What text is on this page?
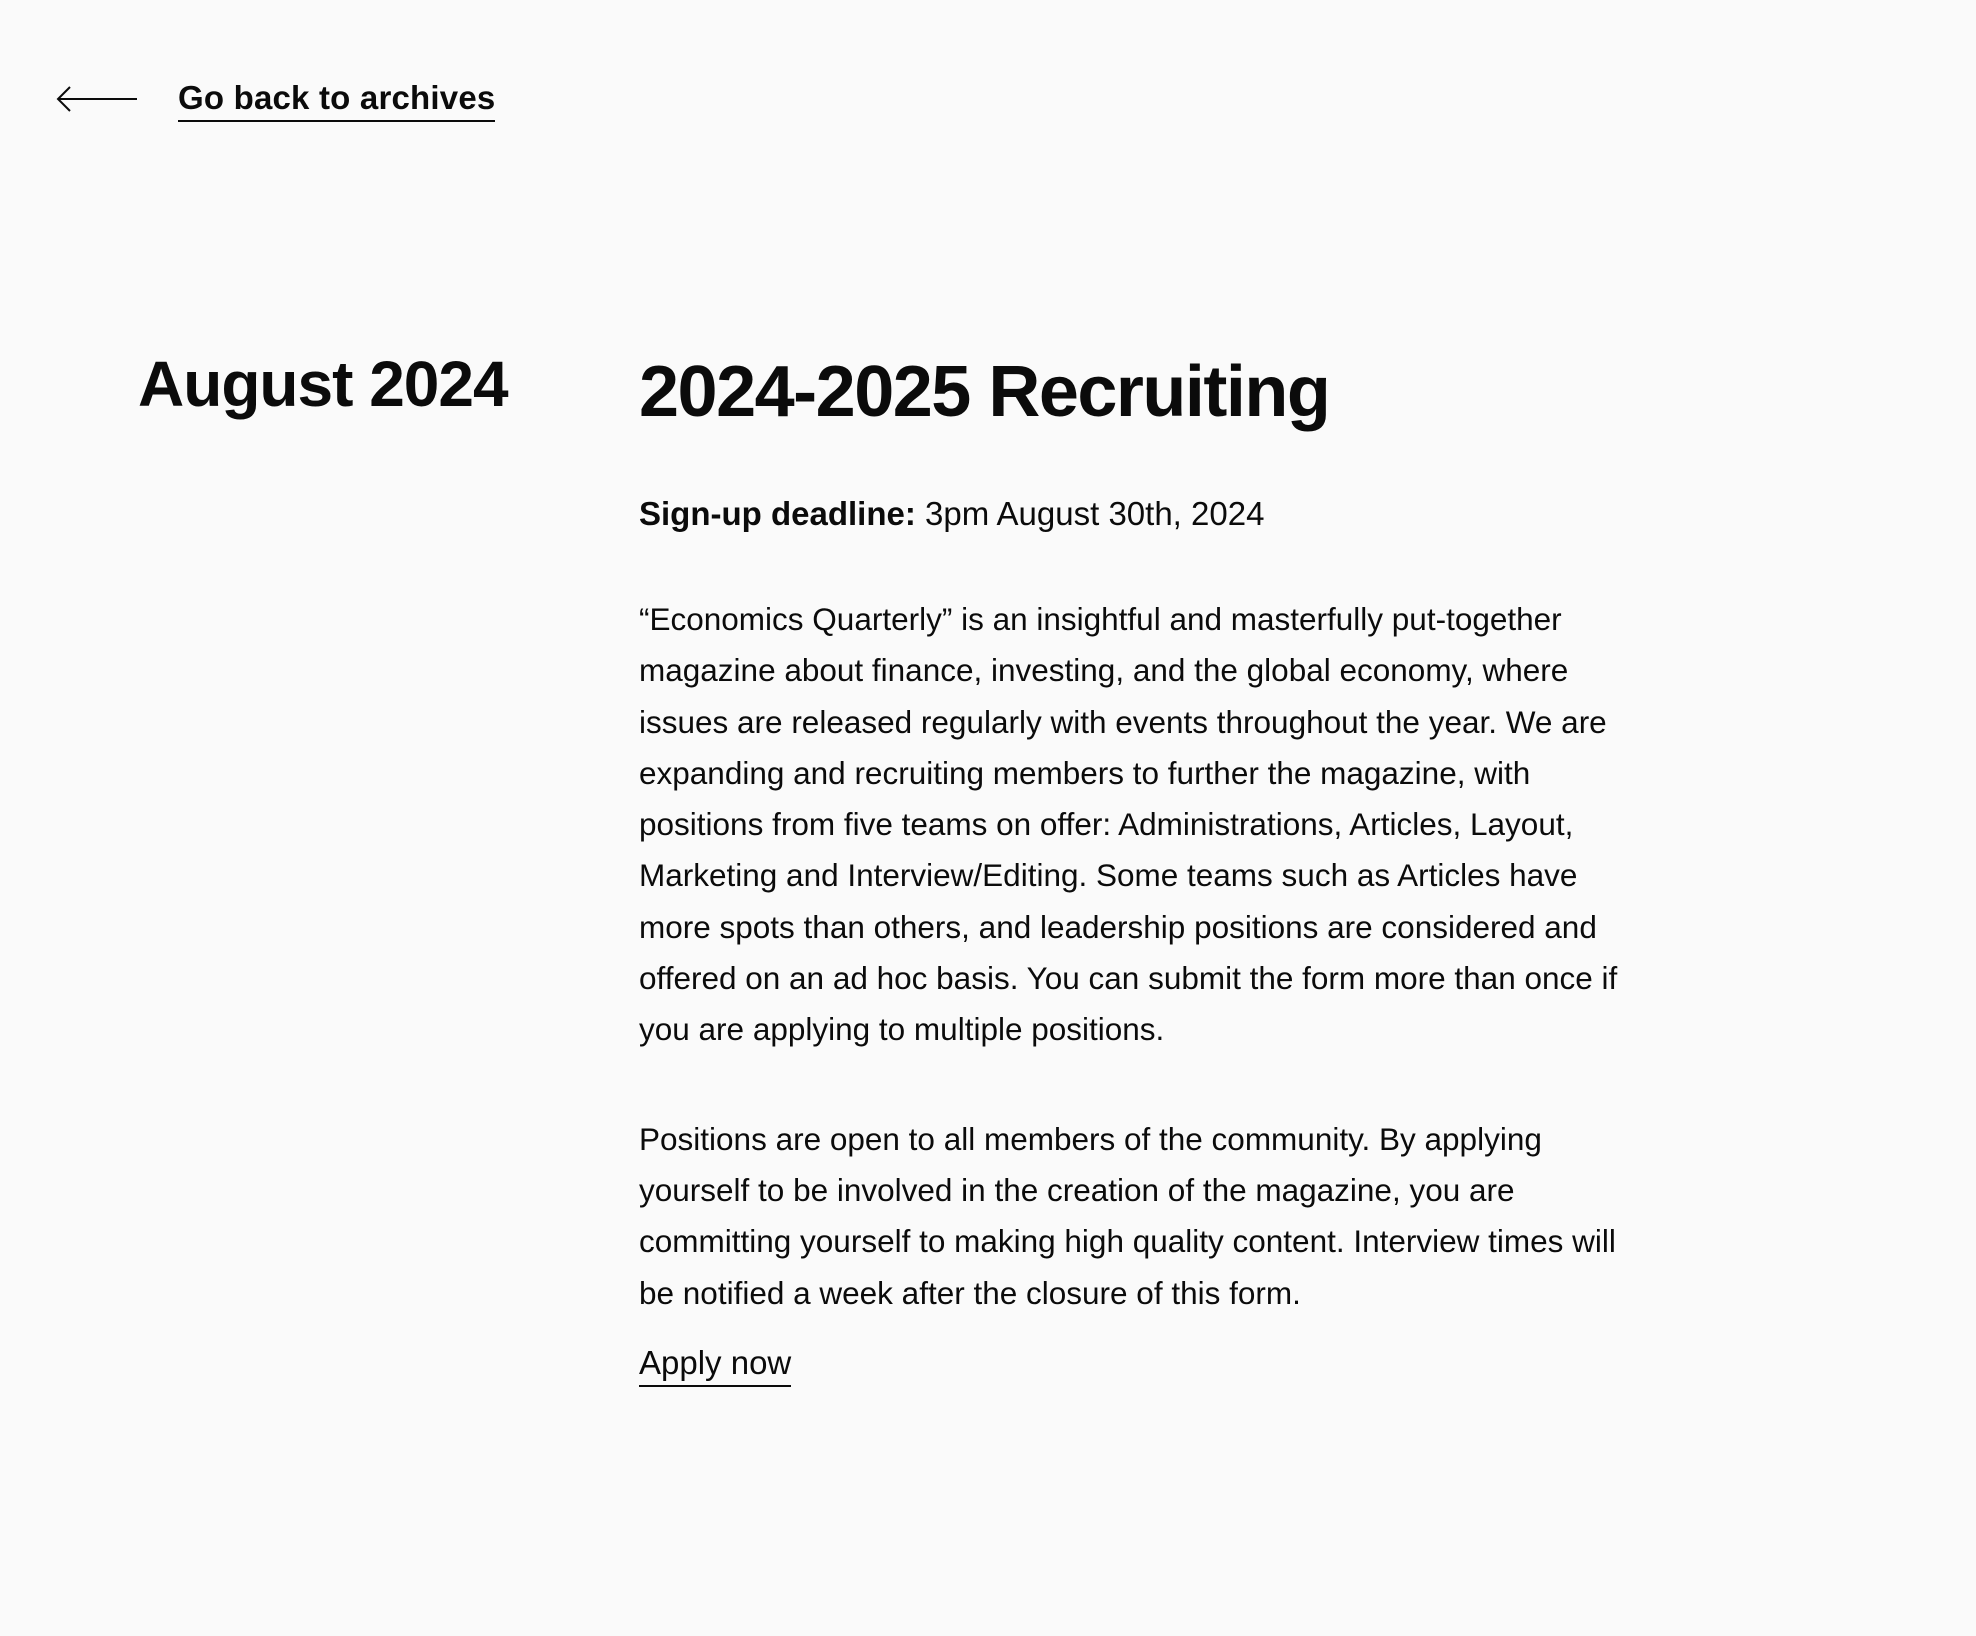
Go back to archives
August 2024 2024-2025 Recruiting

Sign-up deadline: 3pm August 30th, 2024

“Economics Quarterly” is an insightful and masterfully put-together magazine about finance, investing, and the global economy, where issues are released regularly with events throughout the year. We are expanding and recruiting members to further the magazine, with positions from five teams on offer: Administrations, Articles, Layout, Marketing and Interview/Editing. Some teams such as Articles have more spots than others, and leadership positions are considered and offered on an ad hoc basis. You can submit the form more than once if you are applying to multiple positions.

Positions are open to all members of the community. By applying yourself to be involved in the creation of the magazine, you are committing yourself to making high quality content. Interview times will be notified a week after the closure of this form.

Apply now
